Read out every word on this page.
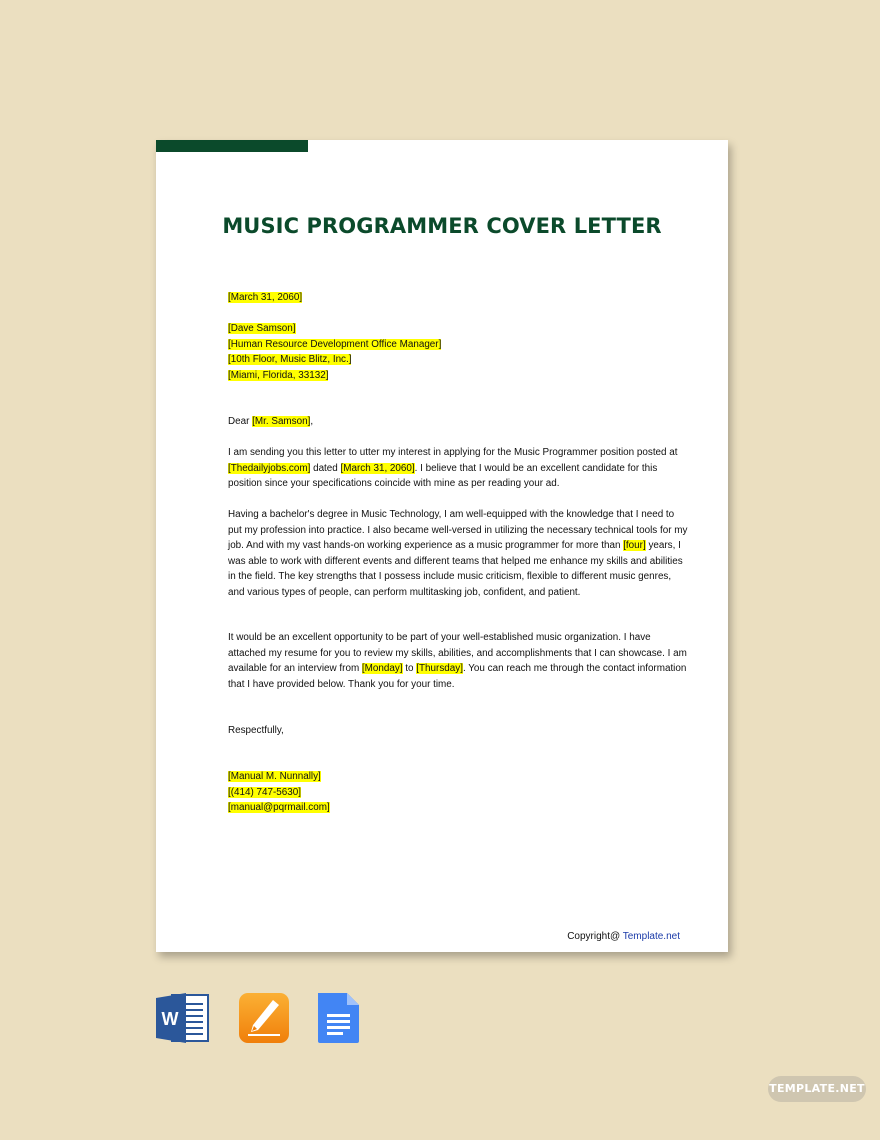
MUSIC PROGRAMMER COVER LETTER
[March 31, 2060]
[Dave Samson]
[Human Resource Development Office Manager]
[10th Floor, Music Blitz, Inc.]
[Miami, Florida, 33132]
Dear [Mr. Samson],

I am sending you this letter to utter my interest in applying for the Music Programmer position posted at [Thedailyjobs.com] dated [March 31, 2060]. I believe that I would be an excellent candidate for this position since your specifications coincide with mine as per reading your ad.

Having a bachelor's degree in Music Technology, I am well-equipped with the knowledge that I need to put my profession into practice. I also became well-versed in utilizing the necessary technical tools for my job. And with my vast hands-on working experience as a music programmer for more than [four] years, I was able to work with different events and different teams that helped me enhance my skills and abilities in the field. The key strengths that I possess include music criticism, flexible to different music genres, and various types of people, can perform multitasking job, confident, and patient.

It would be an excellent opportunity to be part of your well-established music organization. I have attached my resume for you to review my skills, abilities, and accomplishments that I can showcase. I am available for an interview from [Monday] to [Thursday]. You can reach me through the contact information that I have provided below. Thank you for your time.

Respectfully,
[Manual M. Nunnally]
[(414) 747-5630]
[manual@pqrmail.com]
Copyright@ Template.net
W
TEMPLATE.NET
